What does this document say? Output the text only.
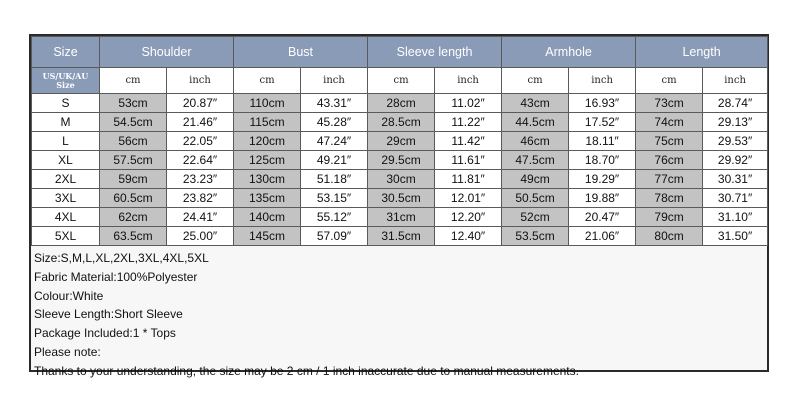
Size	Shoulder		Bust		Sleeve length		Armhole		Length	

US/UK/AU
Size	cm	inch	cm	inch	cm	inch	cm	inch	cm	inch
S	53cm	20.87″	110cm	43.31″	28cm	11.02″	43cm	16.93″	73cm	28.74″
M	54.5cm	21.46″	115cm	45.28″	28.5cm	11.22″	44.5cm	17.52″	74cm	29.13″
L	56cm	22.05″	120cm	47.24″	29cm	11.42″	46cm	18.11″	75cm	29.53″
XL	57.5cm	22.64″	125cm	49.21″	29.5cm	11.61″	47.5cm	18.70″	76cm	29.92″
2XL	59cm	23.23″	130cm	51.18″	30cm	11.81″	49cm	19.29″	77cm	30.31″
3XL	60.5cm	23.82″	135cm	53.15″	30.5cm	12.01″	50.5cm	19.88″	78cm	30.71″
4XL	62cm	24.41″	140cm	55.12″	31cm	12.20″	52cm	20.47″	79cm	31.10″
5XL	63.5cm	25.00″	145cm	57.09″	31.5cm	12.40″	53.5cm	21.06″	80cm	31.50″
Size:S,M,L,XL,2XL,3XL,4XL,5XL
Fabric Material:100%Polyester
Colour:White
Sleeve Length:Short Sleeve
Package Included:1 * Tops
Please note:
Thanks to your understanding, the size may be 2 cm / 1 inch inaccurate due to manual measurements.
